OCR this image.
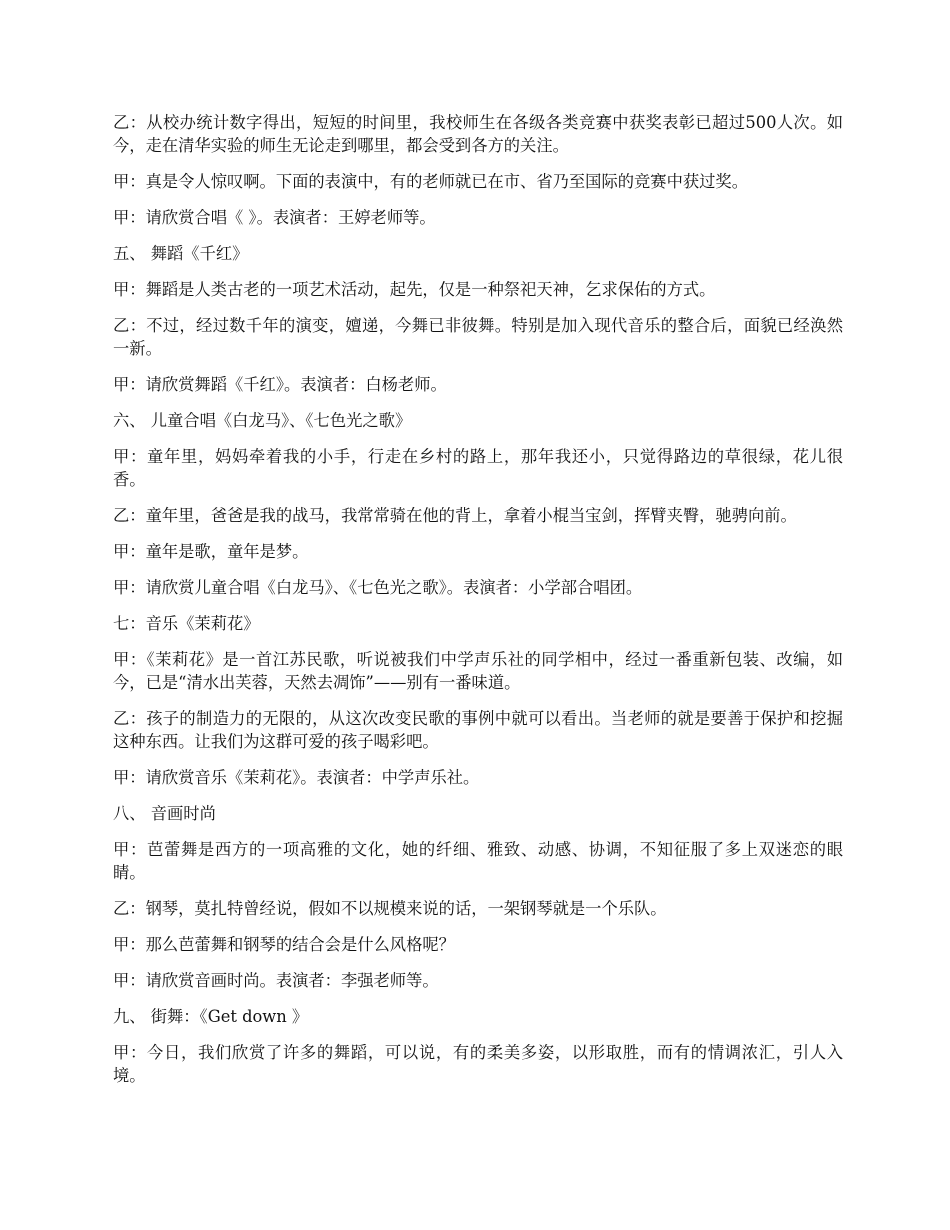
乙：从校办统计数字得出，短短的时间里，我校师生在各级各类竞赛中获奖表彰已超过500人次。如今，走在清华实验的师生无论走到哪里，都会受到各方的关注。

甲：真是令人惊叹啊。下面的表演中，有的老师就已在市、省乃至国际的竞赛中获过奖。

甲：请欣赏合唱《 》。表演者：王婷老师等。

五、 舞蹈《千红》

甲：舞蹈是人类古老的一项艺术活动，起先，仅是一种祭祀天神，乞求保佑的方式。

乙：不过，经过数千年的演变，嬗递，今舞已非彼舞。特别是加入现代音乐的整合后，面貌已经涣然一新。

甲：请欣赏舞蹈《千红》。表演者：白杨老师。

六、 儿童合唱《白龙马》、《七色光之歌》

甲：童年里，妈妈牵着我的小手，行走在乡村的路上，那年我还小，只觉得路边的草很绿，花儿很香。

乙：童年里，爸爸是我的战马，我常常骑在他的背上，拿着小棍当宝剑，挥臂夹臀，驰骋向前。

甲：童年是歌，童年是梦。

甲：请欣赏儿童合唱《白龙马》、《七色光之歌》。表演者：小学部合唱团。

七：音乐《茉莉花》

甲：《茉莉花》是一首江苏民歌，听说被我们中学声乐社的同学相中，经过一番重新包装、改编，如今，已是“清水出芙蓉，天然去凋饰”——别有一番味道。

乙：孩子的制造力的无限的，从这次改变民歌的事例中就可以看出。当老师的就是要善于保护和挖掘这种东西。让我们为这群可爱的孩子喝彩吧。

甲：请欣赏音乐《茉莉花》。表演者：中学声乐社。

八、 音画时尚

甲：芭蕾舞是西方的一项高雅的文化，她的纤细、雅致、动感、协调，不知征服了多上双迷恋的眼睛。

乙：钢琴，莫扎特曾经说，假如不以规模来说的话，一架钢琴就是一个乐队。

甲：那么芭蕾舞和钢琴的结合会是什么风格呢？

甲：请欣赏音画时尚。表演者：李强老师等。

九、 街舞：《Get down 》

甲：今日，我们欣赏了许多的舞蹈，可以说，有的柔美多姿，以形取胜，而有的情调浓汇，引人入境。
